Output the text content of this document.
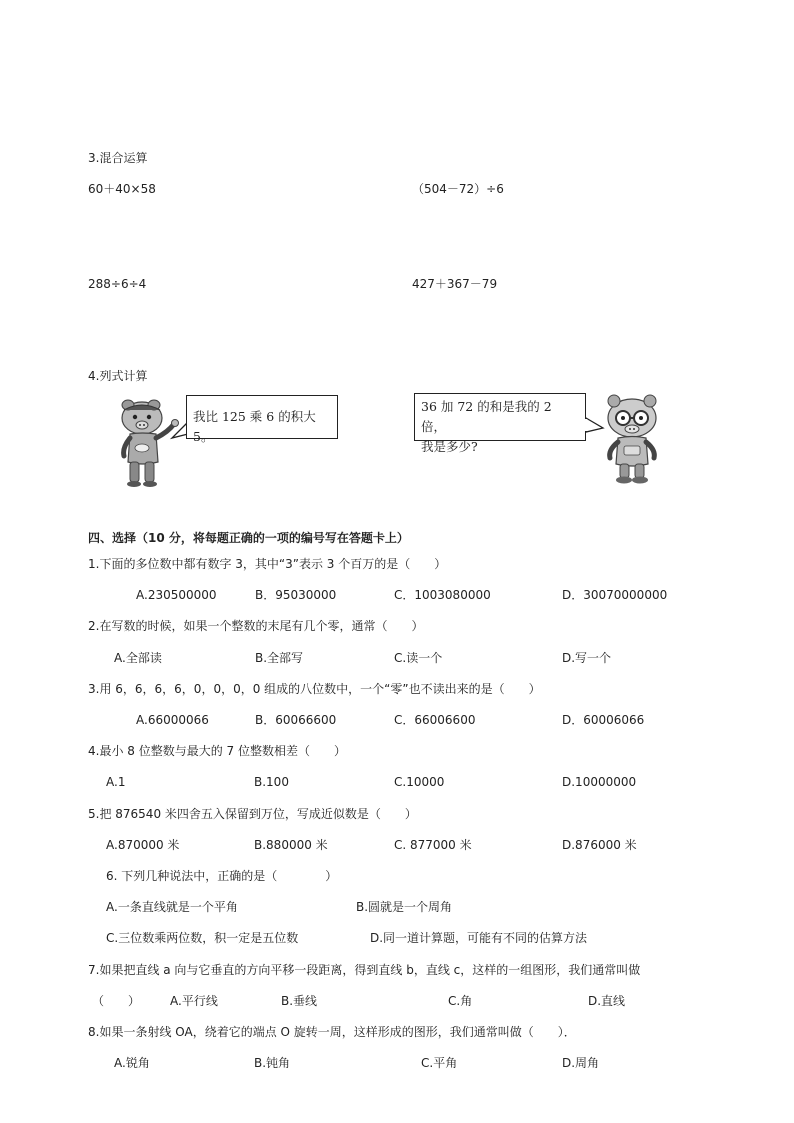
3.混合运算
60＋40×58	（504－72）÷6
288÷6÷4	427＋367－79
4.列式计算
我比 125 乘 6 的积大 5。
36 加 72 的和是我的 2 倍，
我是多少?
四、选择（10 分，将每题正确的一项的编号写在答题卡上）
1.下面的多位数中都有数字 3，其中“3”表示 3 个百万的是（　　）
A.230500000	B．95030000	C．1003080000	D．30070000000
2.在写数的时候，如果一个整数的末尾有几个零，通常（　　）
A.全部读	B.全部写	C.读一个	D.写一个
3.用 6，6，6，6，0，0，0，0 组成的八位数中，一个“零”也不读出来的是（　　）
A.66000066	B．60066600	C．66006600	D．60006066
4.最小 8 位整数与最大的 7 位整数相差（　　）
A.1	B.100	C.10000	D.10000000
5.把 876540 米四舍五入保留到万位，写成近似数是（　　）
A.870000 米	B.880000 米	C. 877000 米	D.876000 米
6. 下列几种说法中，正确的是（　　　　）
A.一条直线就是一个平角	B.圆就是一个周角
C.三位数乘两位数，积一定是五位数	D.同一道计算题，可能有不同的估算方法
7.如果把直线 a 向与它垂直的方向平移一段距离，得到直线 b，直线 c，这样的一组图形，我们通常叫做
（　　） A.平行线	B.垂线	C.角	D.直线
8.如果一条射线 OA，绕着它的端点 O 旋转一周，这样形成的图形，我们通常叫做（　　）．
A.锐角	B.钝角	C.平角	D.周角
